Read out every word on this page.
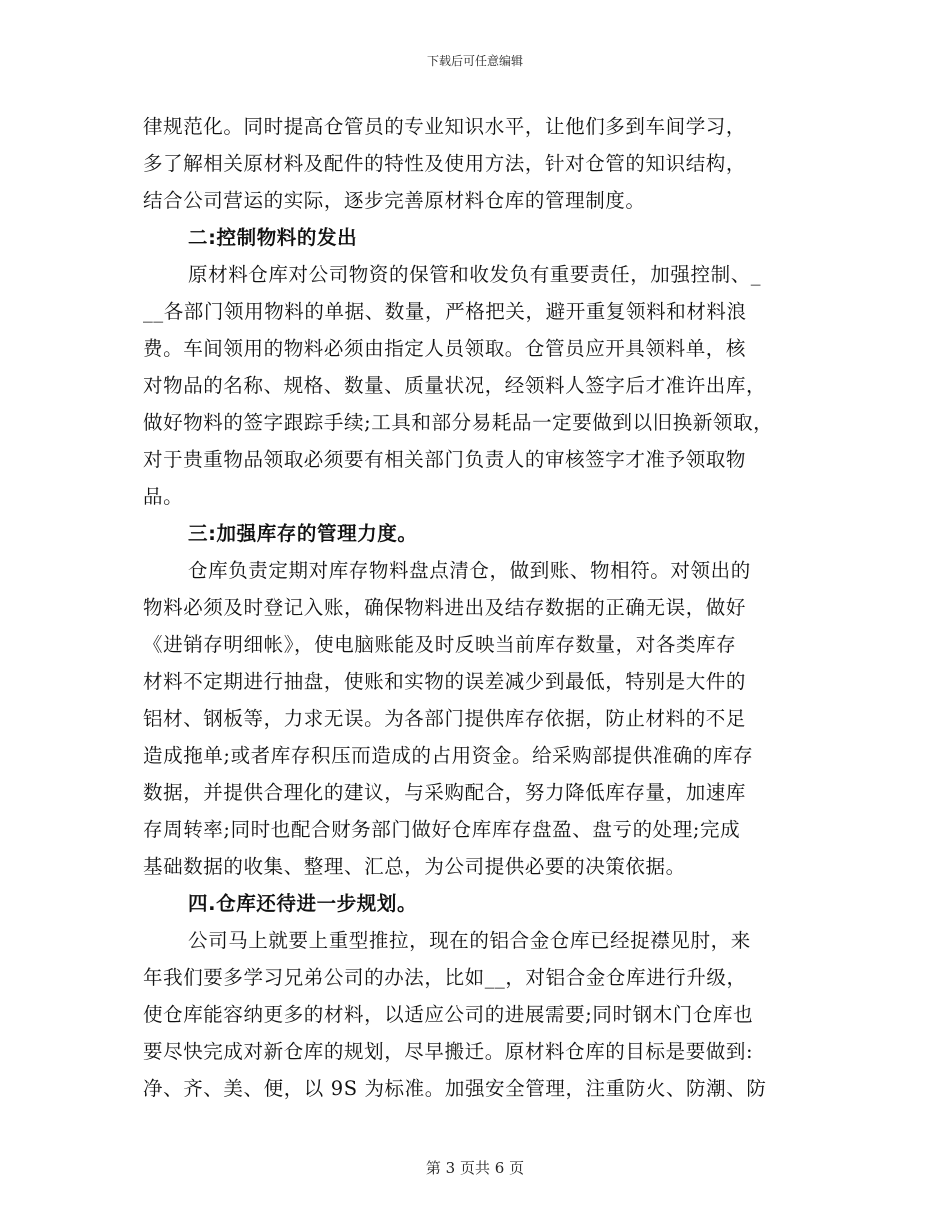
下载后可任意编辑
律规范化。同时提高仓管员的专业知识水平，让他们多到车间学习，
多了解相关原材料及配件的特性及使用方法，针对仓管的知识结构，
结合公司营运的实际，逐步完善原材料仓库的管理制度。
二:控制物料的发出
原材料仓库对公司物资的保管和收发负有重要责任，加强控制、_
__各部门领用物料的单据、数量，严格把关，避开重复领料和材料浪
费。车间领用的物料必须由指定人员领取。仓管员应开具领料单，核
对物品的名称、规格、数量、质量状况，经领料人签字后才准许出库，
做好物料的签字跟踪手续;工具和部分易耗品一定要做到以旧换新领取，
对于贵重物品领取必须要有相关部门负责人的审核签字才准予领取物
品。
三:加强库存的管理力度。
仓库负责定期对库存物料盘点清仓，做到账、物相符。对领出的
物料必须及时登记入账，确保物料进出及结存数据的正确无误，做好
《进销存明细帐》，使电脑账能及时反映当前库存数量，对各类库存
材料不定期进行抽盘，使账和实物的误差减少到最低，特别是大件的
铝材、钢板等，力求无误。为各部门提供库存依据，防止材料的不足
造成拖单;或者库存积压而造成的占用资金。给采购部提供准确的库存
数据，并提供合理化的建议，与采购配合，努力降低库存量，加速库
存周转率;同时也配合财务部门做好仓库库存盘盈、盘亏的处理;完成
基础数据的收集、整理、汇总，为公司提供必要的决策依据。
四.仓库还待进一步规划。
公司马上就要上重型推拉，现在的铝合金仓库已经捉襟见肘，来
年我们要多学习兄弟公司的办法，比如__，对铝合金仓库进行升级，
使仓库能容纳更多的材料，以适应公司的进展需要;同时钢木门仓库也
要尽快完成对新仓库的规划，尽早搬迁。原材料仓库的目标是要做到:
净、齐、美、便，以 9S 为标准。加强安全管理，注重防火、防潮、防
第 3 页共 6 页
